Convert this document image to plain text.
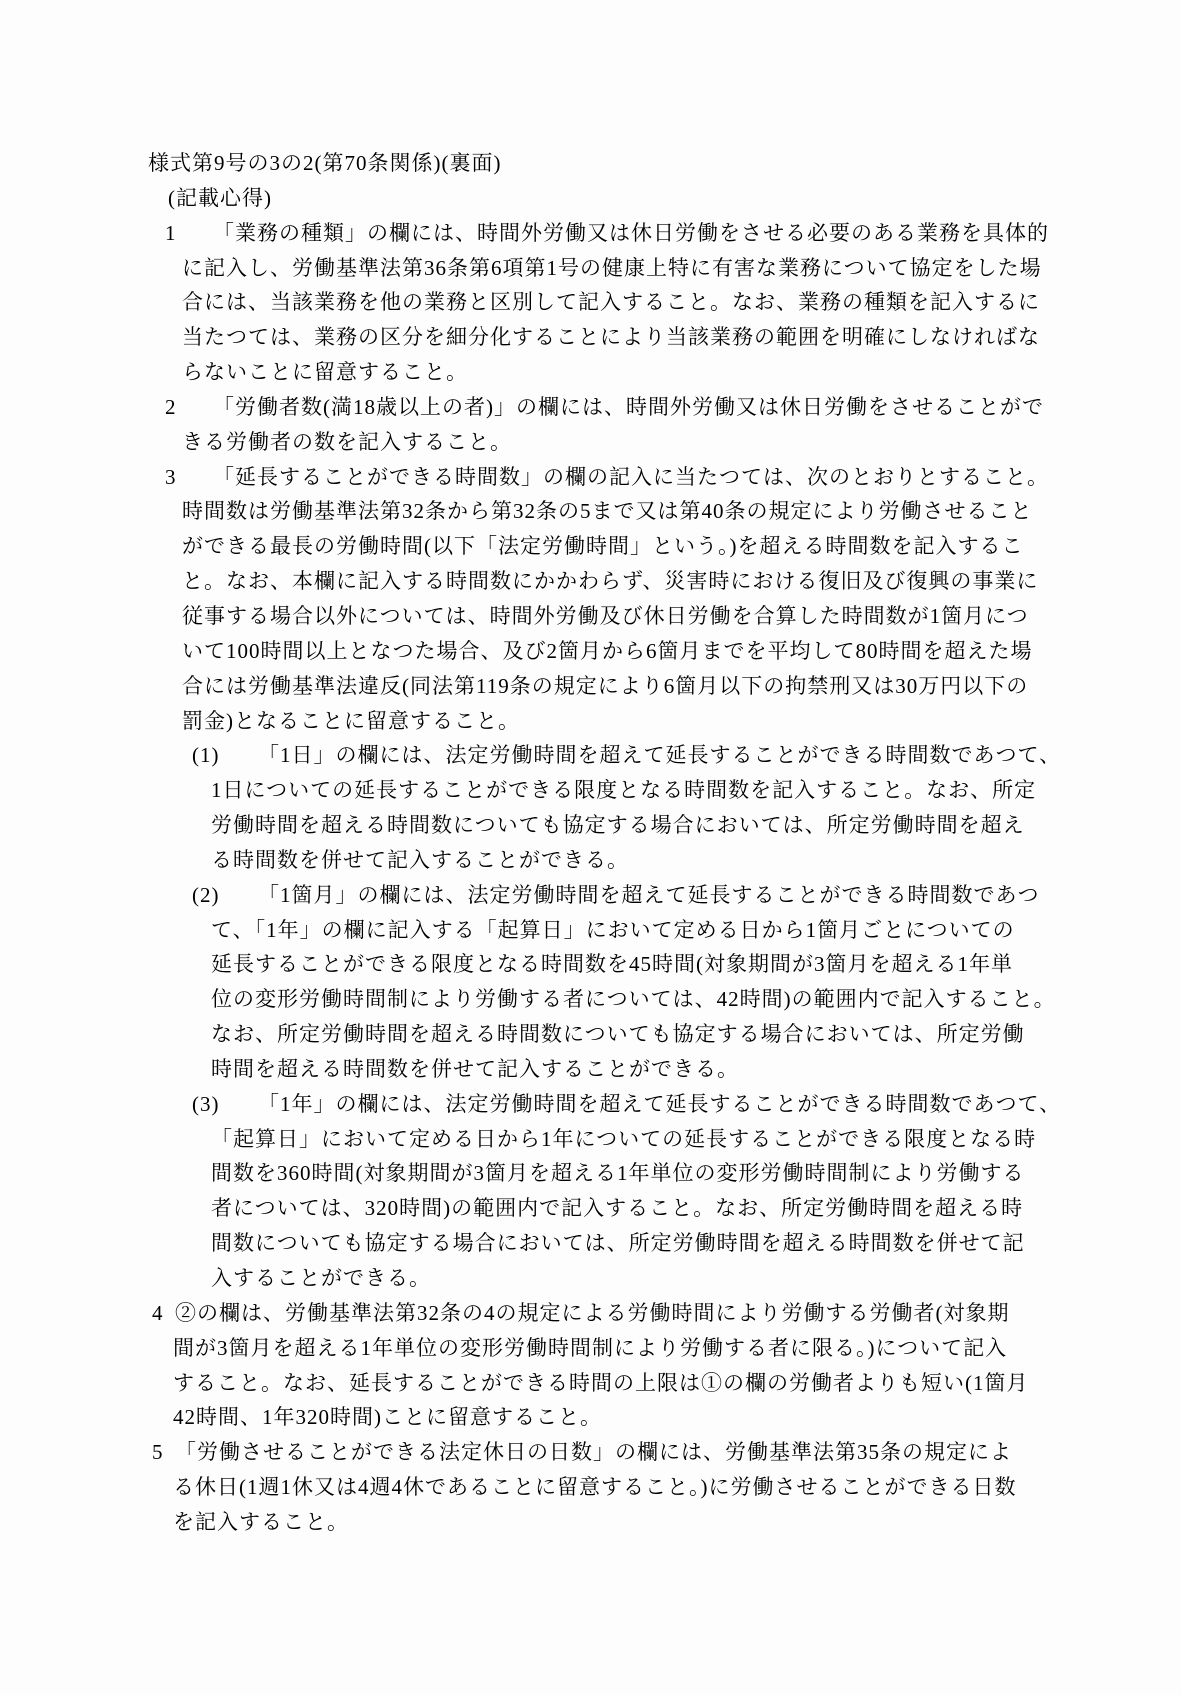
様式第9号の3の2(第70条関係)(裏面)
(記載心得)
1	「業務の種類」の欄には、時間外労働又は休日労働をさせる必要のある業務を具体的
に記入し、労働基準法第36条第6項第1号の健康上特に有害な業務について協定をした場
合には、当該業務を他の業務と区別して記入すること。なお、業務の種類を記入するに
当たつては、業務の区分を細分化することにより当該業務の範囲を明確にしなければな
らないことに留意すること。
2	「労働者数(満18歳以上の者)」の欄には、時間外労働又は休日労働をさせることがで
きる労働者の数を記入すること。
3	「延長することができる時間数」の欄の記入に当たつては、次のとおりとすること。
時間数は労働基準法第32条から第32条の5まで又は第40条の規定により労働させること
ができる最長の労働時間(以下「法定労働時間」という。)を超える時間数を記入するこ
と。なお、本欄に記入する時間数にかかわらず、災害時における復旧及び復興の事業に
従事する場合以外については、時間外労働及び休日労働を合算した時間数が1箇月につ
いて100時間以上となつた場合、及び2箇月から6箇月までを平均して80時間を超えた場
合には労働基準法違反(同法第119条の規定により6箇月以下の拘禁刑又は30万円以下の
罰金)となることに留意すること。
(1)	「1日」の欄には、法定労働時間を超えて延長することができる時間数であつて、
1日についての延長することができる限度となる時間数を記入すること。なお、所定
労働時間を超える時間数についても協定する場合においては、所定労働時間を超え
る時間数を併せて記入することができる。
(2)	「1箇月」の欄には、法定労働時間を超えて延長することができる時間数であつ
て、「1年」の欄に記入する「起算日」において定める日から1箇月ごとについての
延長することができる限度となる時間数を45時間(対象期間が3箇月を超える1年単
位の変形労働時間制により労働する者については、42時間)の範囲内で記入すること。
なお、所定労働時間を超える時間数についても協定する場合においては、所定労働
時間を超える時間数を併せて記入することができる。
(3)	「1年」の欄には、法定労働時間を超えて延長することができる時間数であつて、
「起算日」において定める日から1年についての延長することができる限度となる時
間数を360時間(対象期間が3箇月を超える1年単位の変形労働時間制により労働する
者については、320時間)の範囲内で記入すること。なお、所定労働時間を超える時
間数についても協定する場合においては、所定労働時間を超える時間数を併せて記
入することができる。
4 ②の欄は、労働基準法第32条の4の規定による労働時間により労働する労働者(対象期
間が3箇月を超える1年単位の変形労働時間制により労働する者に限る。)について記入
すること。なお、延長することができる時間の上限は①の欄の労働者よりも短い(1箇月
42時間、1年320時間)ことに留意すること。
5 「労働させることができる法定休日の日数」の欄には、労働基準法第35条の規定によ
る休日(1週1休又は4週4休であることに留意すること。)に労働させることができる日数
を記入すること。
